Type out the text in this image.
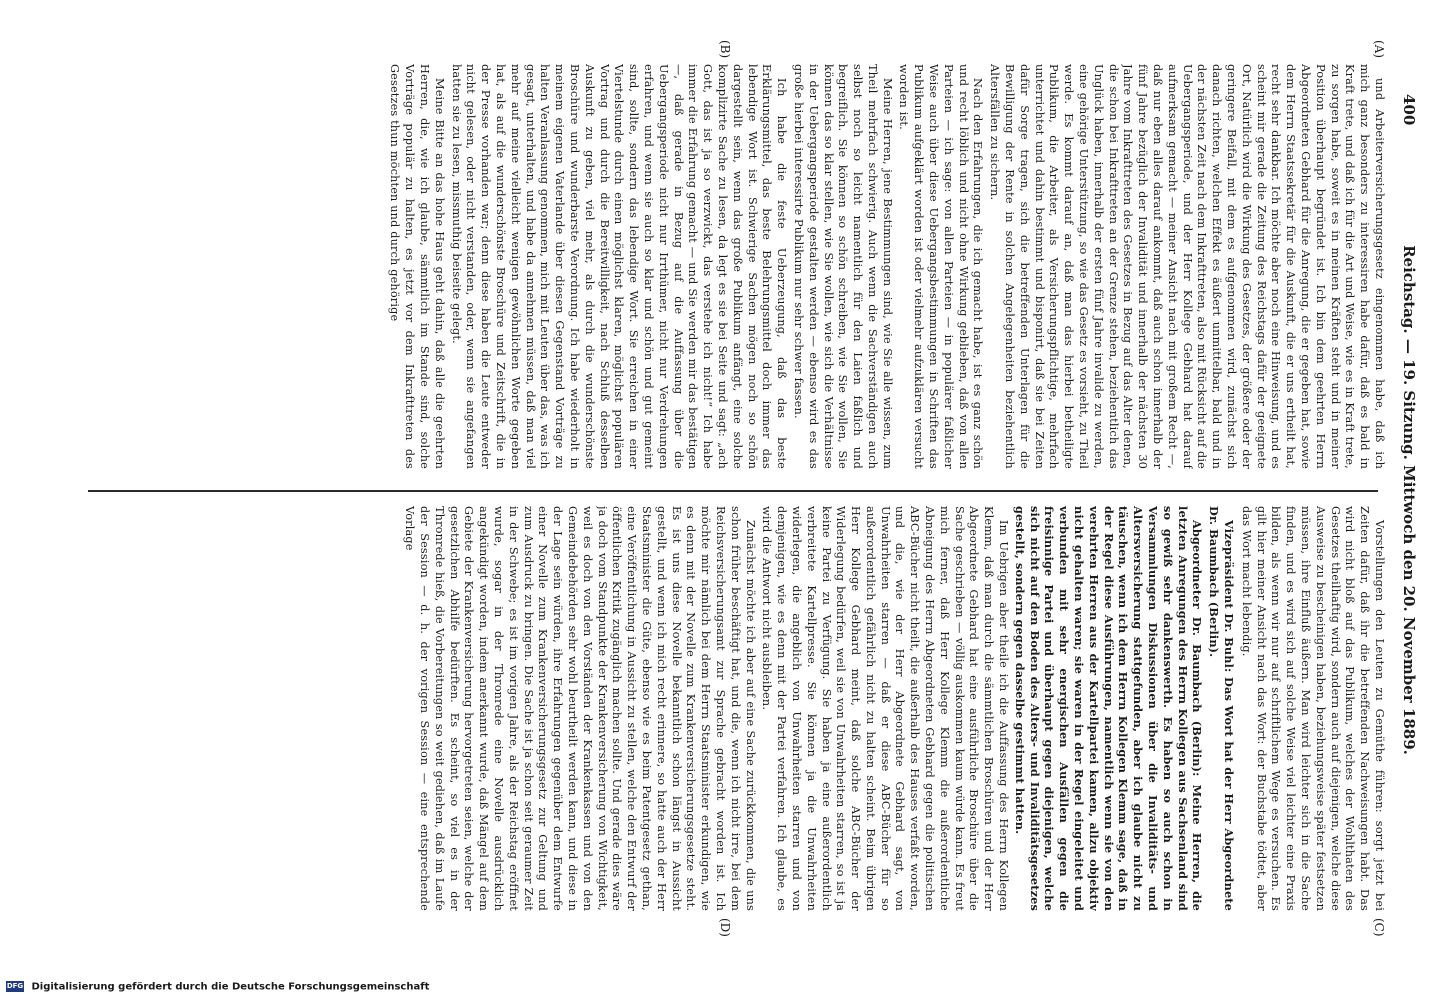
400
Reichstag. — 19. Sitzung. Mittwoch den 20. November 1889.
(A)
(B)
(C)
(D)

und Arbeiterversicherungsgesetz eingenommen habe, daß ich mich ganz besonders zu interessiren habe dafür, daß es bald in Kraft trete, und daß ich für die Art und Weise, wie es in Kraft trete, zu sorgen habe, soweit es in meinen Kräften steht und in meiner Position überhaupt begründet ist. Ich bin dem geehrten Herrn Abgeordneten Gebhard für die Anregung, die er gegeben hat, sowie dem Herrn Staatssekretär für die Auskunft, die er uns ertheilt hat, recht sehr dankbar. Ich möchte aber noch eine Hinweisung, und es scheint mir gerade die Zeitung des Reichstags dafür der geeignete Ort, Natürlich wird die Wirkung des Gesetzes, der größere oder der geringere Beifall, mit dem es aufgenommen wird, zunächst sich danach richten, welchen Effekt es äußert unmittelbar, bald und in der nächsten Zeit nach dem Inkrafttreten, also mit Rücksicht auf die Uebergangsperiode, und der Herr Kollege Gebhard hat darauf aufmerksam gemacht — meiner Ansicht nach mit großem Recht —, daß nur eben alles darauf ankommt, daß auch schon innerhalb der fünf Jahre bezüglich der Invalidität und innerhalb der nächsten 30 Jahre vom Inkrafttreten des Gesetzes in Bezug auf das Alter denen, die schon bei Inkrafttreten an der Grenze stehen, beziehentlich das Unglück haben, innerhalb der ersten fünf Jahre invalide zu werden, eine gehörige Unterstützung, so wie das Gesetz es vorsieht, zu Theil werde. Es kommt darauf an, daß man das hierbei betheiligte Publikum, die Arbeiter, als Versicherungspflichtige, mehrfach unterrichtet und dahin bestimmt und bisponirt, daß sie bei Zeiten dafür Sorge tragen, sich die betreffenden Unterlagen für die Bewilligung der Rente in solchen Angelegenheiten beziehentlich Altersfällen zu sichern.

Nach den Erfahrungen, die ich gemacht habe, ist es ganz schön und recht löblich und nicht ohne Wirkung geblieben, daß von allen Parteien — ich sage: von allen Parteien — in populärer faßlicher Weise auch über diese Uebergangsbestimmungen in Schriften das Publikum aufgeklärt worden ist oder vielmehr aufzuklären versucht worden ist.

Meine Herren, jene Bestimmungen sind, wie Sie alle wissen, zum Theil mehrfach schwierig. Auch wenn die Sachverständigen auch selbst noch so leicht namentlich für den Laien faßlich und begreiflich. Sie können so schön schreiben, wie Sie wollen, Sie können das so klar stellen, wie Sie wollen, wie sich die Verhältnisse in der Uebergangsperiode gestalten werden — ebenso wird es das große hierbei interessirte Publikum nur sehr schwer fassen.

Ich habe die feste Ueberzeugung, daß das beste Erklärungsmittel, das beste Belehrungsmittel doch immer das lebendige Wort ist. Schwierige Sachen mögen noch so schön dargestellt sein, wenn das große Publikum anfängt, eine solche komplizirte Sache zu lesen, da legt es sie bei Seite und sagt: „ach Gott, das ist ja so verzwickt, das verstehe ich nicht!“ Ich habe immer die Erfahrung gemacht — und Sie werden mir das bestätigen —, daß gerade in Bezug auf die Auffassung über die Uebergangsperiode nicht nur Irrthümer, nicht nur Verdrehungen erfahren, und wenn sie auch so klar und schön und gut gemeint sind, sollte, sondern das lebendige Wort. Sie erreichen in einer Viertelstunde durch einen möglichst klaren, möglichst populären Vortrag und durch die Bereitwilligkeit, nach Schluß desselben Auskunft zu geben, viel mehr, als durch die wunderschönste Broschüre und wunderbarste Verordnung. Ich habe wiederholt in meinem eigenen Vaterlande über diesen Gegenstand Vorträge zu halten Veranlassung genommen, mich mit Leuten über das, was ich gesagt, unterhalten, und habe da annehmen müssen, daß man viel mehr auf meine vielleicht wenigen gewöhnlichen Worte gegeben hat, als auf die wunderschönste Broschüre und Zeitschrift, die in der Presse vorhanden war; denn diese haben die Leute entweder nicht gelesen, oder nicht verstanden, oder, wenn sie angefangen hatten sie zu lesen, missmuthig beiseite gelegt.

Meine Bitte an das hohe Haus geht dahin, daß alle die geehrten Herren, die, wie ich glaube, sämmtlich im Stande sind, solche Vorträge populär zu halten, es jetzt vor dem Inkrafttreten des Gesetzes thun möchten und durch gehörige

Vorstellungen den Leuten zu Gemüthe führen: sorgt jetzt bei Zeiten dafür, daß ihr die betreffenden Nachweisungen habt. Das wird nicht bloß auf das Publikum, welches der Wohlthaten des Gesetzes theilhaftig wird, sondern auch auf diejenigen, welche diese Ausweise zu bescheinigen haben, beziehungsweise später festsetzen müssen, ihre Einfluß äußern. Man wird leichter sich in die Sache finden, und es wird sich auf solche Weise viel leichter eine Praxis bilden, als wenn wir nur auf schriftlichem Wege es versuchen. Es gilt hier meiner Ansicht nach das Wort: der Buchstabe tödtet, aber das Wort macht lebendig.

Vizepräsident Dr. Buhl: Das Wort hat der Herr Abgeordnete Dr. Baumbach (Berlin).

Abgeordneter Dr. Baumbach (Berlin): Meine Herren, die letzten Anregungen des Herrn Kollegen aus Sachsenland sind so gewiß sehr dankenswerth. Es haben so auch schon in Versammlungen Diskussionen über die Invaliditäts- und Altersversicherung stattgefunden, aber ich glaube nicht zu täuschen, wenn ich dem Herrn Kollegen Klemm sage, daß in der Regel diese Ausführungen, namentlich wenn sie von den verehrten Herren aus der Kartellpartei kamen, allzu objektiv nicht gehalten waren; sie waren in der Regel eingeleitet und verbunden mit sehr energischen Ausfällen gegen die freisinnige Partei und überhaupt gegen diejenigen, welche sich nicht auf den Boden des Alters- und Invaliditätsgesetzes gestellt, sondern gegen dasselbe gestimmt hatten.

Im Uebrigen aber theile ich die Auffassung des Herrn Kollegen Klemm, daß man durch die sämmtlichen Broschüren und der Herr Abgeordnete Gebhard hat eine ausführliche Broschüre über die Sache geschrieben — völlig auskommen kaum würde kann. Es freut mich ferner, daß Herr Kollege Klemm die außerordentliche Abneigung des Herrn Abgeordneten Gebhard gegen die politischen ABC-Bücher nicht theilt, die außerhalb des Hauses verfaßt worden, und die, wie der Herr Abgeordnete Gebhard sagt, von Unwahrheiten starren — daß er diese ABC-Bücher für so außerordentlich gefährlich nicht zu halten scheint. Beim übrigen Herr Kollege Gebhard meint, daß solche ABC-Bücher der Widerlegung bedürfen, weil sie von Unwahrheiten starren, so ist ja keine Partei zu Verfügung. Sie haben ja eine außerordentlich verbreitete Kartellpresse. Sie können ja die Unwahrheiten widerlegen, die angeblich von Unwahrheiten starren und von demjenigen, wie es denn mit der Partei verfahren. Ich glaube, es wird die Antwort nicht ausbleiben.

Zunächst möchte ich aber auf eine Sache zurückkommen, die uns schon früher beschäftigt hat, und die, wenn ich nicht irre, bei dem Reichsversicherungsamt zur Sprache gebracht worden ist. Ich möchte mir nämlich bei dem Herrn Staatsminister erkundigen, wie es denn mit der Novelle zum Krankenversicherungsgesetze steht. Es ist uns diese Novelle bekanntlich schon längst in Aussicht gestellt, und wenn ich mich recht erinnere, so hatte auch der Herr Staatsminister die Güte, ebenso wie es beim Patentgesetz gethan, eine Veröffentlichung in Aussicht zu stellen, welche den Entwurf der öffentlichen Kritik zugänglich machen sollte. Und gerade dies wäre ja doch vom Standpunkte der Krankenversicherung von Wichtigkeit, weil es doch von den Vorständen der Krankenkassen und von den Gemeindebehörden sehr wohl beurtheilt werden kann, und diese in der Lage sein würden, ihre Erfahrungen gegenüber dem Entwurfe einer Novelle zum Krankenversicherungsgesetz zur Geltung und zum Ausdruck zu bringen. Die Sache ist ja schon seit geraumer Zeit in der Schwebe; es ist im vorigen Jahre, als der Reichstag eröffnet wurde, sogar in der Thronrede eine Novelle ausdrücklich angekündigt worden, indem anerkannt wurde, daß Mängel auf dem Gebiete der Krankenversicherung hervorgetreten seien, welche der gesetzlichen Abhilfe bedürften. Es scheint, so viel es in der Thronrede hieß, die Vorbereitungen so weit gediehen, daß im Laufe der Session — d. h. der vorigen Session — eine entsprechende Vorlage

DFG Digitalisierung gefördert durch die Deutsche Forschungsgemeinschaft
